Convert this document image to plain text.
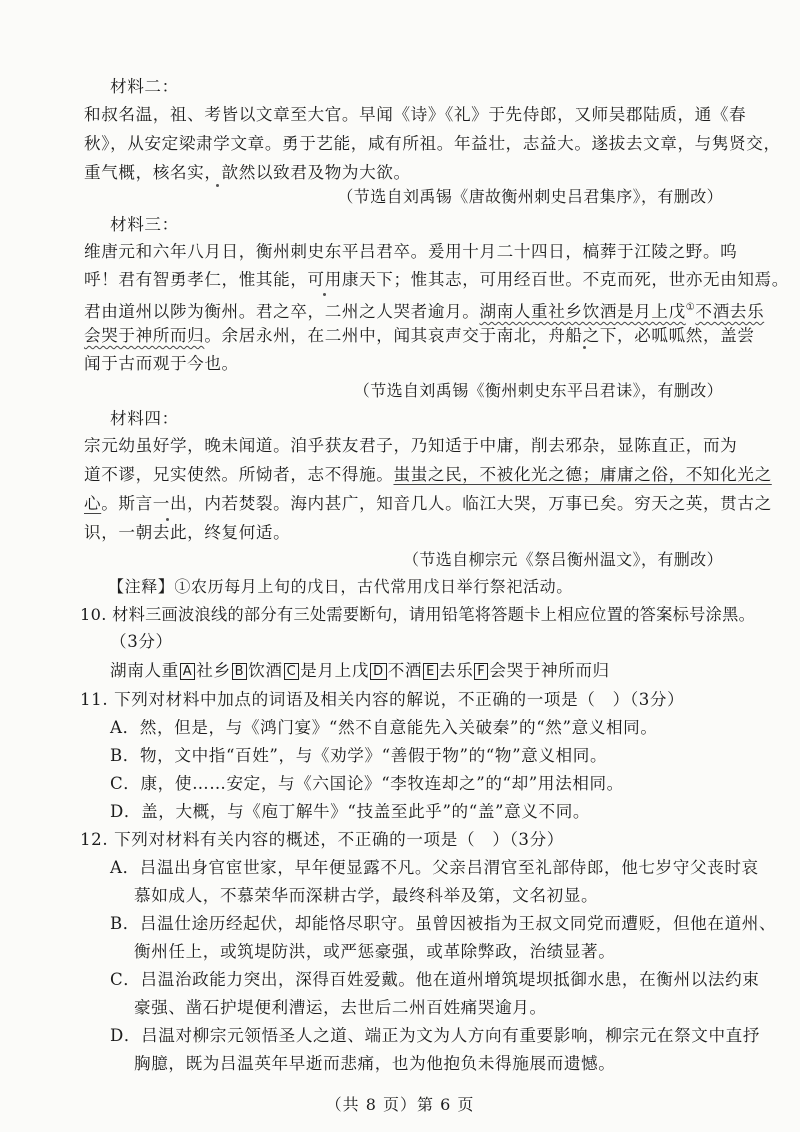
材料二：
和叔名温，祖、考皆以文章至大官。早闻《诗》《礼》于先侍郎，又师吴郡陆质，通《春
秋》，从安定梁肃学文章。勇于艺能，咸有所祖。年益壮，志益大。遂拔去文章，与隽贤交，
重气概，核名实，歆然以致君及物为大欲。
（节选自刘禹锡《唐故衡州刺史吕君集序》，有删改）
材料三：
维唐元和六年八月日，衡州刺史东平吕君卒。爰用十月二十四日，槁葬于江陵之野。呜
呼！君有智勇孝仁，惟其能，可用康天下；惟其志，可用经百世。不克而死，世亦无由知焉。
君由道州以陟为衡州。君之卒，二州之人哭者逾月。湖南人重社乡饮酒是月上戊①不酒去乐
会哭于神所而归。余居永州，在二州中，闻其哀声交于南北，舟船之下，必呱呱然，盖尝
闻于古而观于今也。
（节选自刘禹锡《衡州刺史东平吕君诔》，有删改）
材料四：
宗元幼虽好学，晚未闻道。洎乎获友君子，乃知适于中庸，削去邪杂，显陈直正，而为
道不谬，兄实使然。所恸者，志不得施。蚩蚩之民，不被化光之德；庸庸之俗，不知化光之
心。斯言一出，内若焚裂。海内甚广，知音几人。临江大哭，万事已矣。穷天之英，贯古之
识，一朝去此，终复何适。
（节选自柳宗元《祭吕衡州温文》，有删改）
【注释】①农历每月上旬的戊日，古代常用戊日举行祭祀活动。
10. 材料三画波浪线的部分有三处需要断句，请用铅笔将答题卡上相应位置的答案标号涂黑。
（3分）
湖南人重 A 社乡 B 饮酒 C 是月上戊 D 不酒 E 去乐 F 会哭于神所而归
11. 下列对材料中加点的词语及相关内容的解说，不正确的一项是（　）（3分）
A．然，但是，与《鸿门宴》“然不自意能先入关破秦”的“然”意义相同。
B．物，文中指“百姓”，与《劝学》“善假于物”的“物”意义相同。
C．康，使……安定，与《六国论》“李牧连却之”的“却”用法相同。
D．盖，大概，与《庖丁解牛》“技盖至此乎”的“盖”意义不同。
12. 下列对材料有关内容的概述，不正确的一项是（　）（3分）
A．吕温出身官宦世家，早年便显露不凡。父亲吕渭官至礼部侍郎，他七岁守父丧时哀
慕如成人，不慕荣华而深耕古学，最终科举及第，文名初显。
B．吕温仕途历经起伏，却能恪尽职守。虽曾因被指为王叔文同党而遭贬，但他在道州、
衡州任上，或筑堤防洪，或严惩豪强，或革除弊政，治绩显著。
C．吕温治政能力突出，深得百姓爱戴。他在道州增筑堤坝抵御水患，在衡州以法约束
豪强、凿石护堤便利漕运，去世后二州百姓痛哭逾月。
D．吕温对柳宗元领悟圣人之道、端正为文为人方向有重要影响，柳宗元在祭文中直抒
胸臆，既为吕温英年早逝而悲痛，也为他抱负未得施展而遗憾。
（共 8 页）第 6 页
